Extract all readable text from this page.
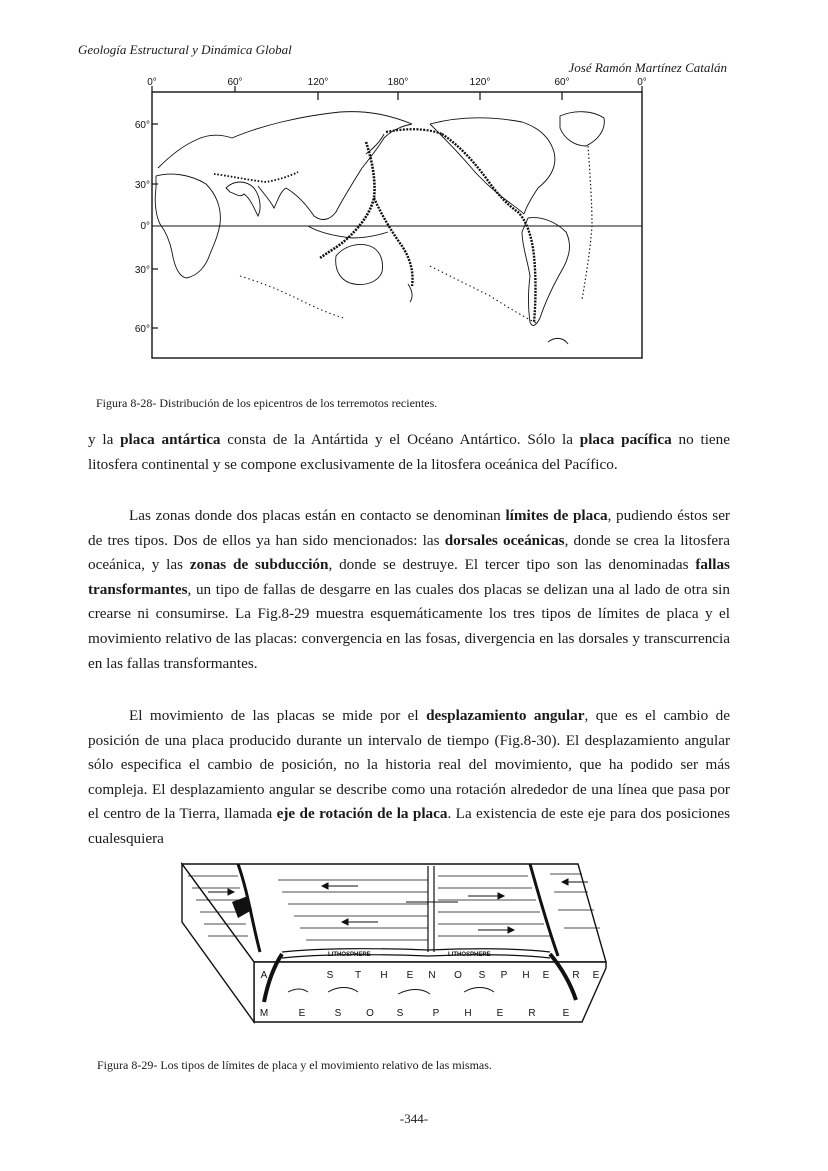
Geología Estructural y Dinámica Global
José Ramón Martínez Catalán
0°	60°	120°	180°	120°	60°	0°
60°
30°
0°
30°
60°
Figura 8-28- Distribución de los epicentros de los terremotos recientes.

y la placa antártica consta de la Antártida y el Océano Antártico. Sólo la placa pacífica no tiene litosfera continental y se compone exclusivamente de la litosfera oceánica del Pacífico.

Las zonas donde dos placas están en contacto se denominan límites de placa, pudiendo éstos ser de tres tipos. Dos de ellos ya han sido mencionados: las dorsales oceánicas, donde se crea la litosfera oceánica, y las zonas de subducción, donde se destruye. El tercer tipo son las denominadas fallas transformantes, un tipo de fallas de desgarre en las cuales dos placas se delizan una al lado de otra sin crearse ni consumirse. La Fig.8-29 muestra esquemáticamente los tres tipos de límites de placa y el movimiento relativo de las placas: convergencia en las fosas, divergencia en las dorsales y transcurrencia en las fallas transformantes.

El movimiento de las placas se mide por el desplazamiento angular, que es el cambio de posición de una placa producido durante un intervalo de tiempo (Fig.8-30). El desplazamiento angular sólo especifica el cambio de posición, no la historia real del movimiento, que ha podido ser más compleja. El desplazamiento angular se describe como una rotación alrededor de una línea que pasa por el centro de la Tierra, llamada eje de rotación de la placa. La existencia de este eje para dos posiciones cualesquiera

LITHOSPHERE	LITHOSPHERE
A	S T H E N O S P H E R E
M	E	S O S	P	H	E	R	E
Figura 8-29- Los tipos de límites de placa y el movimiento relativo de las mismas.
-344-
